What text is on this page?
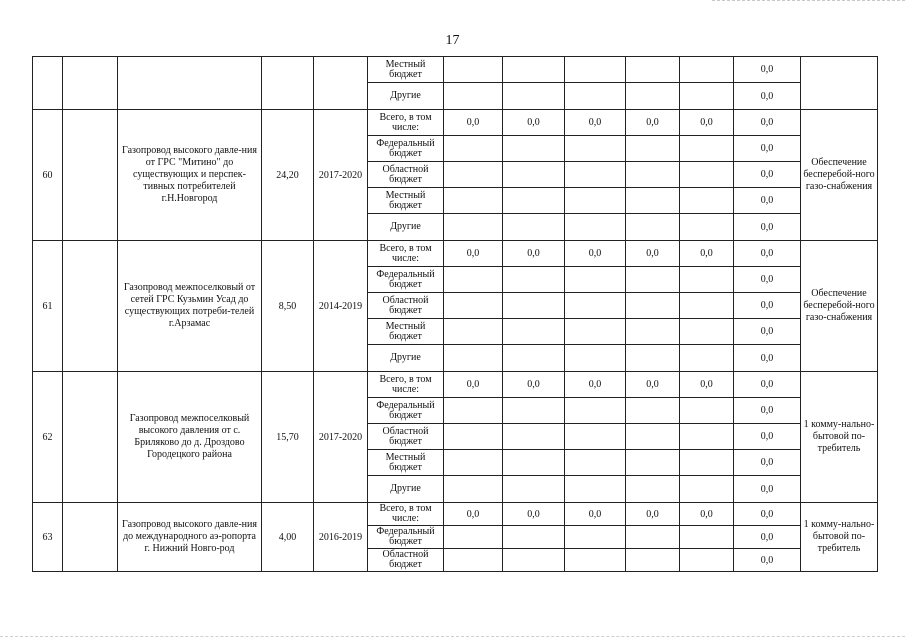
17
					Местный бюджет						0,0	
					Другие						0,0	
60		Газопровод высокого давле-ния от ГРС "Митино" до существующих и перспек-тивных потребителей г.Н.Новгород	24,20	2017-2020	Всего, в том числе:	0,0	0,0	0,0	0,0	0,0	0,0	Обеспечение бесперебой-ного газо-снабжения
					Федеральный бюджет						0,0	
					Областной бюджет						0,0	
					Местный бюджет						0,0	
					Другие						0,0	
61		Газопровод межпоселковый от сетей ГРС Кузьмин Усад до существующих потреби-телей г.Арзамас	8,50	2014-2019	Всего, в том числе:	0,0	0,0	0,0	0,0	0,0	0,0	Обеспечение бесперебой-ного газо-снабжения
					Федеральный бюджет						0,0	
					Областной бюджет						0,0	
					Местный бюджет						0,0	
					Другие						0,0	
62		Газопровод межпоселковый высокого давления от с. Бриляково до д. Дроздово Городецкого района	15,70	2017-2020	Всего, в том числе:	0,0	0,0	0,0	0,0	0,0	0,0	1 комму-нально-бытовой по-требитель
					Федеральный бюджет						0,0	
					Областной бюджет						0,0	
					Местный бюджет						0,0	
					Другие						0,0	
63		Газопровод высокого давле-ния до международного аэ-ропорта г. Нижний Новго-род	4,00	2016-2019	Всего, в том числе:	0,0	0,0	0,0	0,0	0,0	0,0	1 комму-нально-бытовой по-требитель
					Федеральный бюджет						0,0	
					Областной бюджет						0,0	
